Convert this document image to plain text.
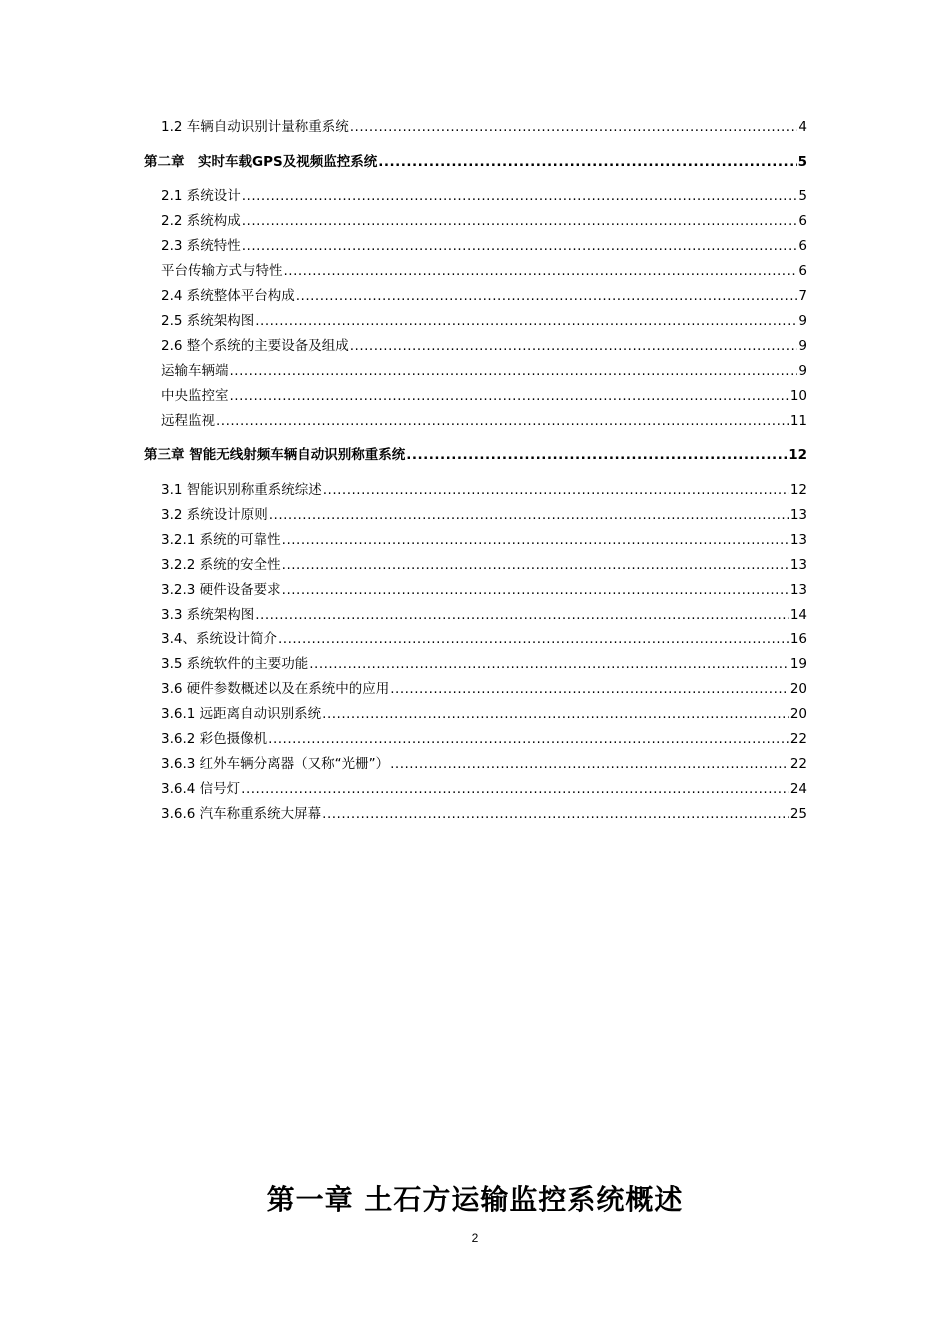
1.2 车辆自动识别计量称重系统 .....	4
第二章　实时车载GPS及视频监控系统 .....	5
2.1 系统设计 .....	5
2.2 系统构成 .....	6
2.3 系统特性 .....	6
平台传输方式与特性 .....	6
2.4 系统整体平台构成 .....	7
2.5 系统架构图 .....	9
2.6 整个系统的主要设备及组成 .....	9
运输车辆端 .....	9
中央监控室 .....	10
远程监视 .....	11
第三章 智能无线射频车辆自动识别称重系统 .....	12
3.1 智能识别称重系统综述 .....	12
3.2 系统设计原则 .....	13
3.2.1 系统的可靠性 .....	13
3.2.2 系统的安全性 .....	13
3.2.3 硬件设备要求 .....	13
3.3 系统架构图 .....	14
3.4、系统设计简介 .....	16
3.5 系统软件的主要功能 .....	19
3.6 硬件参数概述以及在系统中的应用 .....	20
3.6.1 远距离自动识别系统 .....	20
3.6.2 彩色摄像机 .....	22
3.6.3 红外车辆分离器（又称“光栅”） .....	22
3.6.4 信号灯 .....	24
3.6.6 汽车称重系统大屏幕 .....	25
第一章 土石方运输监控系统概述
2
